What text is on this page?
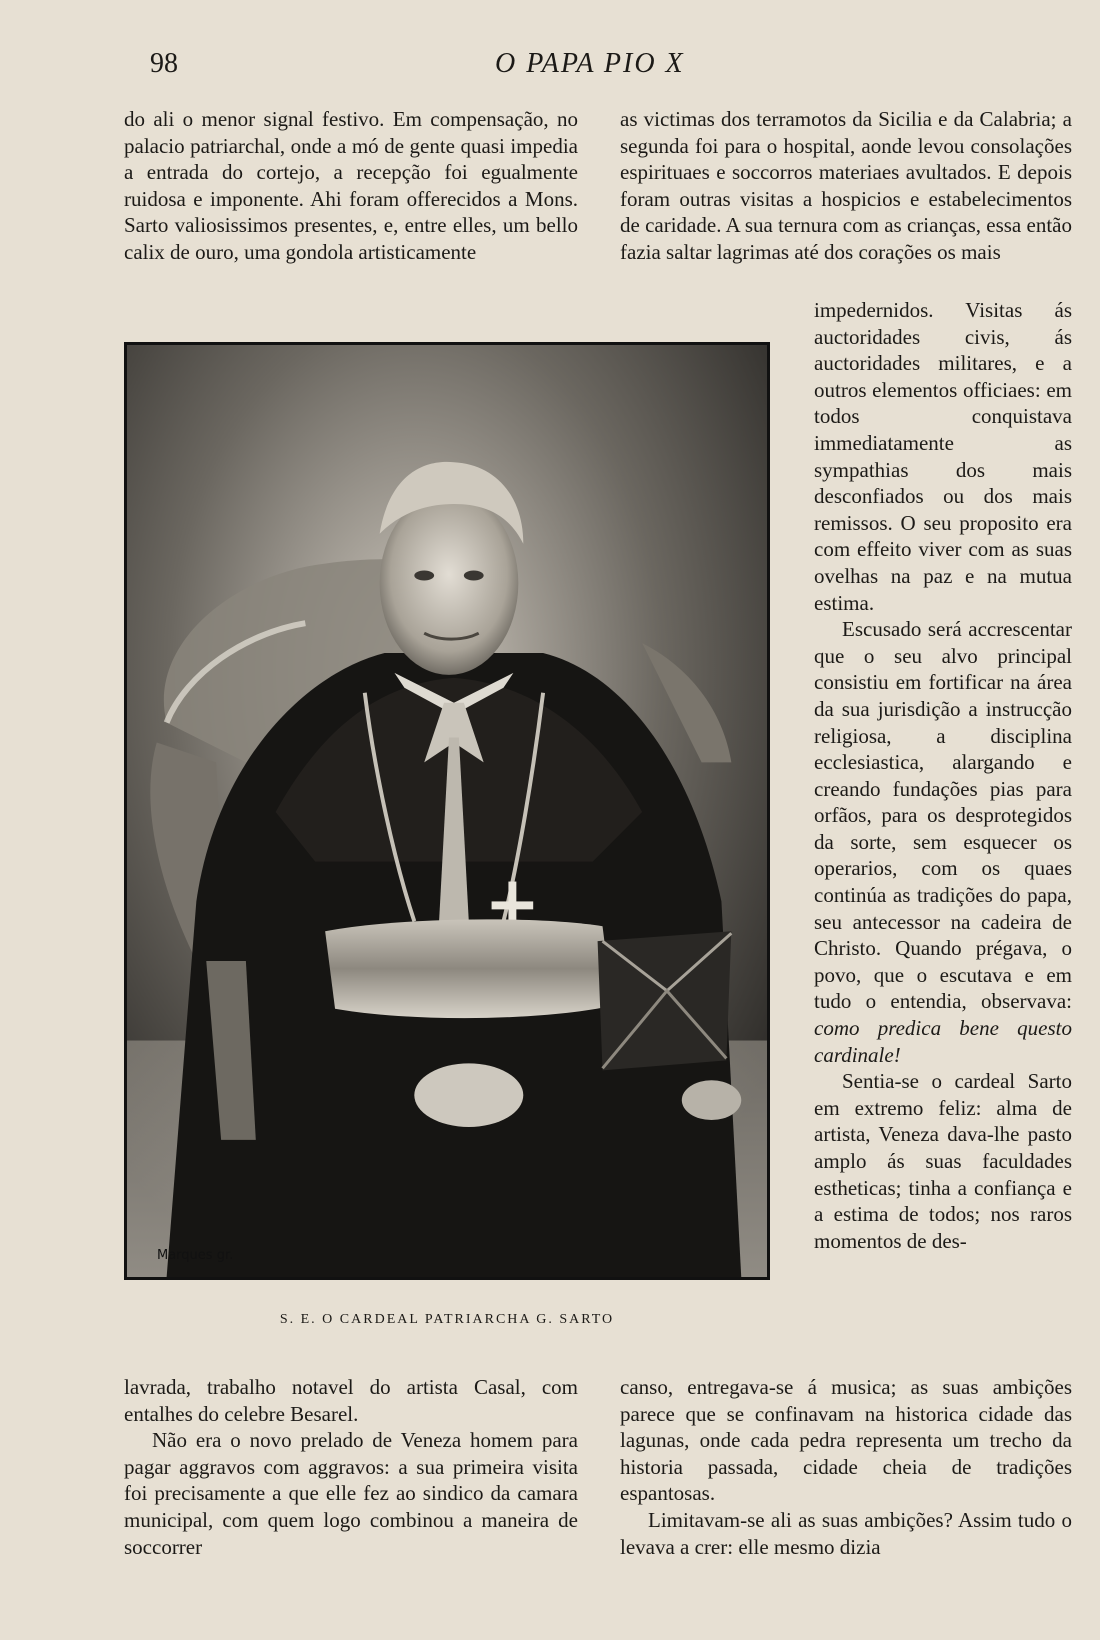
98	O PAPA PIO X

do ali o menor signal festivo. Em compensação, no palacio patriarchal, onde a mó de gente quasi impedia a entrada do cortejo, a recepção foi egualmente ruidosa e imponente. Ahi foram offerecidos a Mons. Sarto valiosissimos presentes, e, entre elles, um bello calix de ouro, uma gondola artisticamente

as victimas dos terramotos da Sicilia e da Calabria; a segunda foi para o hospital, aonde levou consolações espirituaes e soccorros materiaes avultados. E depois foram outras visitas a hospicios e estabelecimentos de caridade. A sua ternura com as crianças, essa então fazia saltar lagrimas até dos corações os mais

impedernidos. Visitas ás auctoridades civis, ás auctoridades militares, e a outros elementos officiaes: em todos conquistava immediatamente as sympathias dos mais desconfiados ou dos mais remissos. O seu proposito era com effeito viver com as suas ovelhas na paz e na mutua estima.

Escusado será accrescentar que o seu alvo principal consistiu em fortificar na área da sua jurisdição a instrucção religiosa, a disciplina ecclesiastica, alargando e creando fundações pias para orfãos, para os desprotegidos da sorte, sem esquecer os operarios, com os quaes continúa as tradições do papa, seu antecessor na cadeira de Christo. Quando prégava, o povo, que o escutava e em tudo o entendia, observava: como predica bene questo cardinale!

Sentia-se o cardeal Sarto em extremo feliz: alma de artista, Veneza dava-lhe pasto amplo ás suas faculdades estheticas; tinha a confiança e a estima de todos; nos raros momentos de des-

Marques gr.
S. E. O CARDEAL PATRIARCHA G. SARTO

lavrada, trabalho notavel do artista Casal, com entalhes do celebre Besarel.

Não era o novo prelado de Veneza homem para pagar aggravos com aggravos: a sua primeira visita foi precisamente a que elle fez ao sindico da camara municipal, com quem logo combinou a maneira de soccorrer

canso, entregava-se á musica; as suas ambições parece que se confinavam na historica cidade das lagunas, onde cada pedra representa um trecho da historia passada, cidade cheia de tradições espantosas.

Limitavam-se ali as suas ambições? Assim tudo o levava a crer: elle mesmo dizia
